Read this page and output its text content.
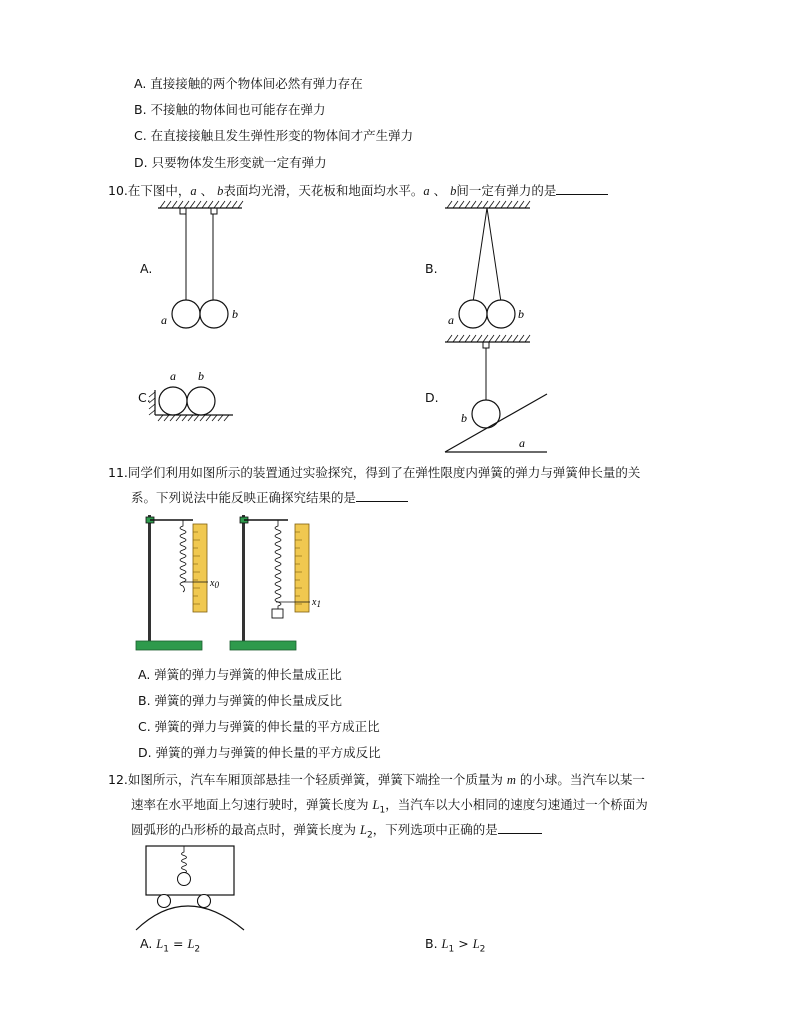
A. 直接接触的两个物体间必然有弹力存在
B. 不接触的物体间也可能存在弹力
C. 在直接接触且发生弹性形变的物体间才产生弹力
D. 只要物体发生形变就一定有弹力
10.在下图中，a 、 b表面均光滑，天花板和地面均水平。a 、 b间一定有弹力的是
A.
a	b
B.
a	b
C.
a b
D.
b
a
11.同学们利用如图所示的装置通过实验探究，得到了在弹性限度内弹簧的弹力与弹簧伸长量的关
系。下列说法中能反映正确探究结果的是
x0
x1
A. 弹簧的弹力与弹簧的伸长量成正比
B. 弹簧的弹力与弹簧的伸长量成反比
C. 弹簧的弹力与弹簧的伸长量的平方成正比
D. 弹簧的弹力与弹簧的伸长量的平方成反比
12.如图所示，汽车车厢顶部悬挂一个轻质弹簧，弹簧下端拴一个质量为 m 的小球。当汽车以某一
速率在水平地面上匀速行驶时，弹簧长度为 $L_1$，当汽车以大小相同的速度匀速通过一个桥面为
圆弧形的凸形桥的最高点时，弹簧长度为 $L_2$，下列选项中正确的是
A. $L_1 = L_2$	B. $L_1 > L_2$
